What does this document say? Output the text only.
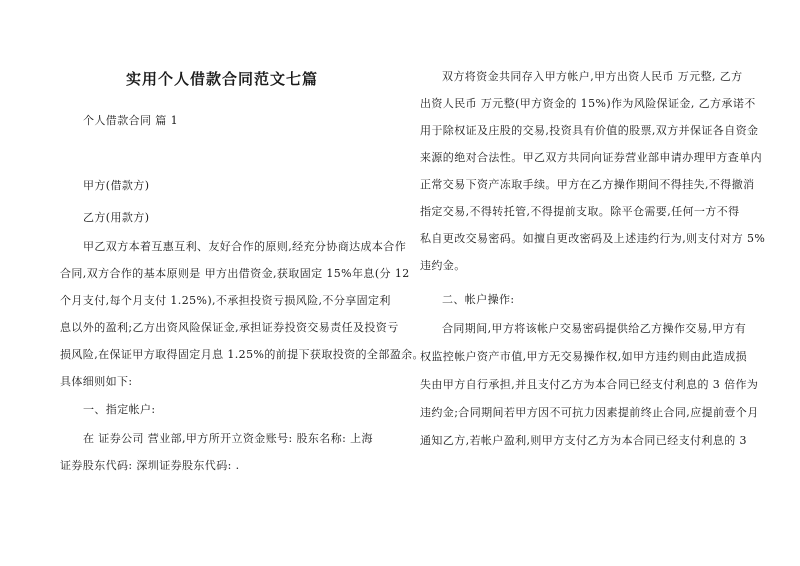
实用个人借款合同范文七篇
个人借款合同 篇 1
甲方(借款方)
乙方(用款方)
甲乙双方本着互惠互利、友好合作的原则,经充分协商达成本合作
合同,双方合作的基本原则是 甲方出借资金,获取固定 15%年息(分 12
个月支付,每个月支付 1.25%),不承担投资亏损风险,不分享固定利
息以外的盈利;乙方出资风险保证金,承担证券投资交易责任及投资亏
损风险,在保证甲方取得固定月息 1.25%的前提下获取投资的全部盈余。
具体细则如下:
一、指定帐户:
在 证券公司 营业部,甲方所开立资金账号: 股东名称: 上海
证券股东代码: 深圳证券股东代码: .
双方将资金共同存入甲方帐户,甲方出资人民币 万元整, 乙方
出资人民币 万元整(甲方资金的 15%)作为风险保证金, 乙方承诺不
用于除权证及庄股的交易,投资具有价值的股票,双方并保证各自资金
来源的绝对合法性。甲乙双方共同向证券营业部申请办理甲方查单内
正常交易下资产冻取手续。甲方在乙方操作期间不得挂失,不得撤消
指定交易,不得转托管,不得提前支取。除平仓需要,任何一方不得
私自更改交易密码。如擅自更改密码及上述违约行为,则支付对方 5%
违约金。
二、帐户操作:
合同期间,甲方将该帐户交易密码提供给乙方操作交易,甲方有
权监控帐户资产市值,甲方无交易操作权,如甲方违约则由此造成损
失由甲方自行承担,并且支付乙方为本合同已经支付利息的 3 倍作为
违约金;合同期间若甲方因不可抗力因素提前终止合同,应提前壹个月
通知乙方,若帐户盈利,则甲方支付乙方为本合同已经支付利息的 3
